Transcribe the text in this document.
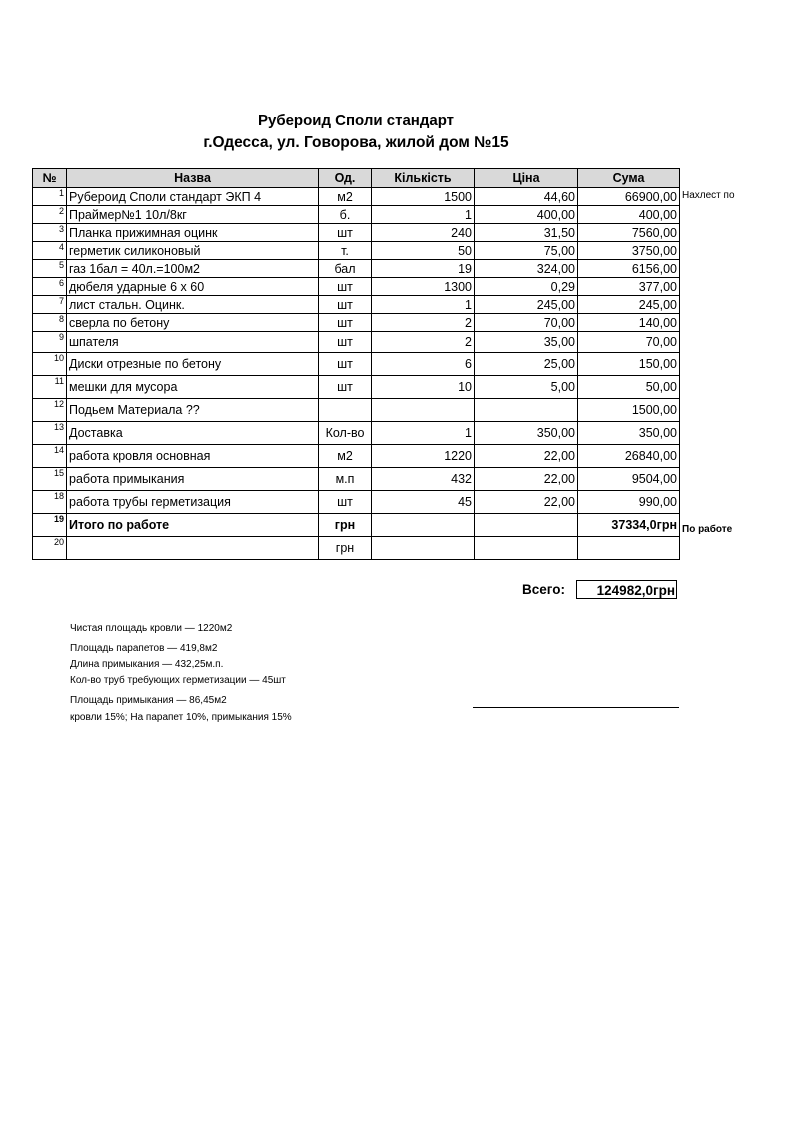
Рубероид Споли стандарт
г.Одесса, ул. Говорова, жилой дом №15
№	Назва	Од.	Кількість	Ціна	Сума
1	Рубероид Споли стандарт ЭКП 4	м2	1500	44,60	66900,00
2	Праймер№1 10л/8кг	б.	1	400,00	400,00
3	Планка прижимная оцинк	шт	240	31,50	7560,00
4	герметик силиконовый	т.	50	75,00	3750,00
5	газ 1бал = 40л.=100м2	бал	19	324,00	6156,00
6	дюбеля ударные 6 х 60	шт	1300	0,29	377,00
7	лист стальн. Оцинк.	шт	1	245,00	245,00
8	сверла по бетону	шт	2	70,00	140,00
9	шпателя	шт	2	35,00	70,00
10	Диски отрезные по бетону	шт	6	25,00	150,00
11	мешки для мусора	шт	10	5,00	50,00
12	Подьем Материала ??				1500,00
13	Доставка	Кол-во	1	350,00	350,00
14	работа кровля основная	м2	1220	22,00	26840,00
15	работа примыкания	м.п	432	22,00	9504,00
18	работа трубы герметизация	шт	45	22,00	990,00
19	Итого по работе	грн			37334,0грн
20		грн			
Нахлест по
По работе
Всего:	124982,0грн
Чистая площадь кровли — 1220м2
Площадь парапетов — 419,8м2
Длина примыкания — 432,25м.п.
Кол-во труб требующих герметизации — 45шт
Площадь примыкания — 86,45м2
кровли 15%; На парапет 10%, примыкания 15%
